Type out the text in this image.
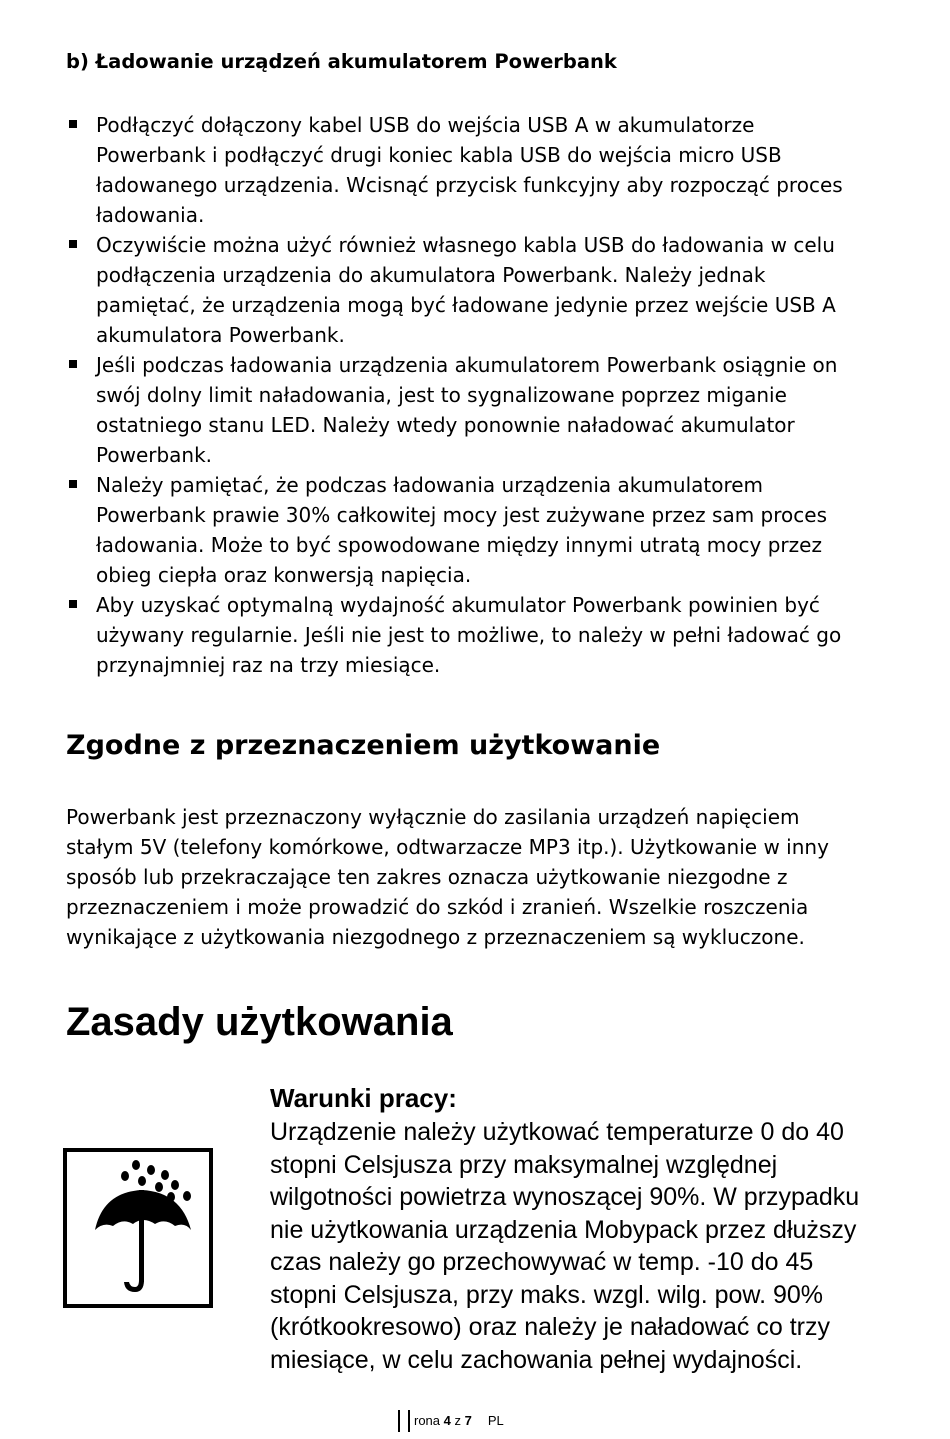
b) Ładowanie urządzeń akumulatorem Powerbank
Podłączyć dołączony kabel USB do wejścia USB A w akumulatorze Powerbank i podłączyć drugi koniec kabla USB do wejścia micro USB ładowanego urządzenia. Wcisnąć przycisk funkcyjny aby rozpocząć proces ładowania.
Oczywiście można użyć również własnego kabla USB do ładowania w celu podłączenia urządzenia do akumulatora Powerbank. Należy jednak pamiętać, że urządzenia mogą być ładowane jedynie przez wejście USB A akumulatora Powerbank.
Jeśli podczas ładowania urządzenia akumulatorem Powerbank osiągnie on swój dolny limit naładowania, jest to sygnalizowane poprzez miganie ostatniego stanu LED. Należy wtedy ponownie naładować akumulator Powerbank.
Należy pamiętać, że podczas ładowania urządzenia akumulatorem Powerbank prawie 30% całkowitej mocy jest zużywane przez sam proces ładowania. Może to być spowodowane między innymi utratą mocy przez obieg ciepła oraz konwersją napięcia.
Aby uzyskać optymalną wydajność akumulator Powerbank powinien być używany regularnie. Jeśli nie jest to możliwe, to należy w pełni ładować go przynajmniej raz na trzy miesiące.
Zgodne z przeznaczeniem użytkowanie

Powerbank jest przeznaczony wyłącznie do zasilania urządzeń napięciem stałym 5V (telefony komórkowe, odtwarzacze MP3 itp.). Użytkowanie w inny sposób lub przekraczające ten zakres oznacza użytkowanie niezgodne z przeznaczeniem i może prowadzić do szkód i zranień. Wszelkie roszczenia wynikające z użytkowania niezgodnego z przeznaczeniem są wykluczone.

Zasady użytkowania
Warunki pracy:

Urządzenie należy użytkować temperaturze 0 do 40 stopni Celsjusza przy maksymalnej względnej wilgotności powietrza wynoszącej 90%. W przypadku nie użytkowania urządzenia Mobypack przez dłuższy czas należy go przechowywać w temp. -10 do 45 stopni Celsjusza, przy maks. wzgl. wilg. pow. 90% (krótkookresowo) oraz należy je naładować co trzy miesiące, w celu zachowania pełnej wydajności.

rona 4 z 7 PL
